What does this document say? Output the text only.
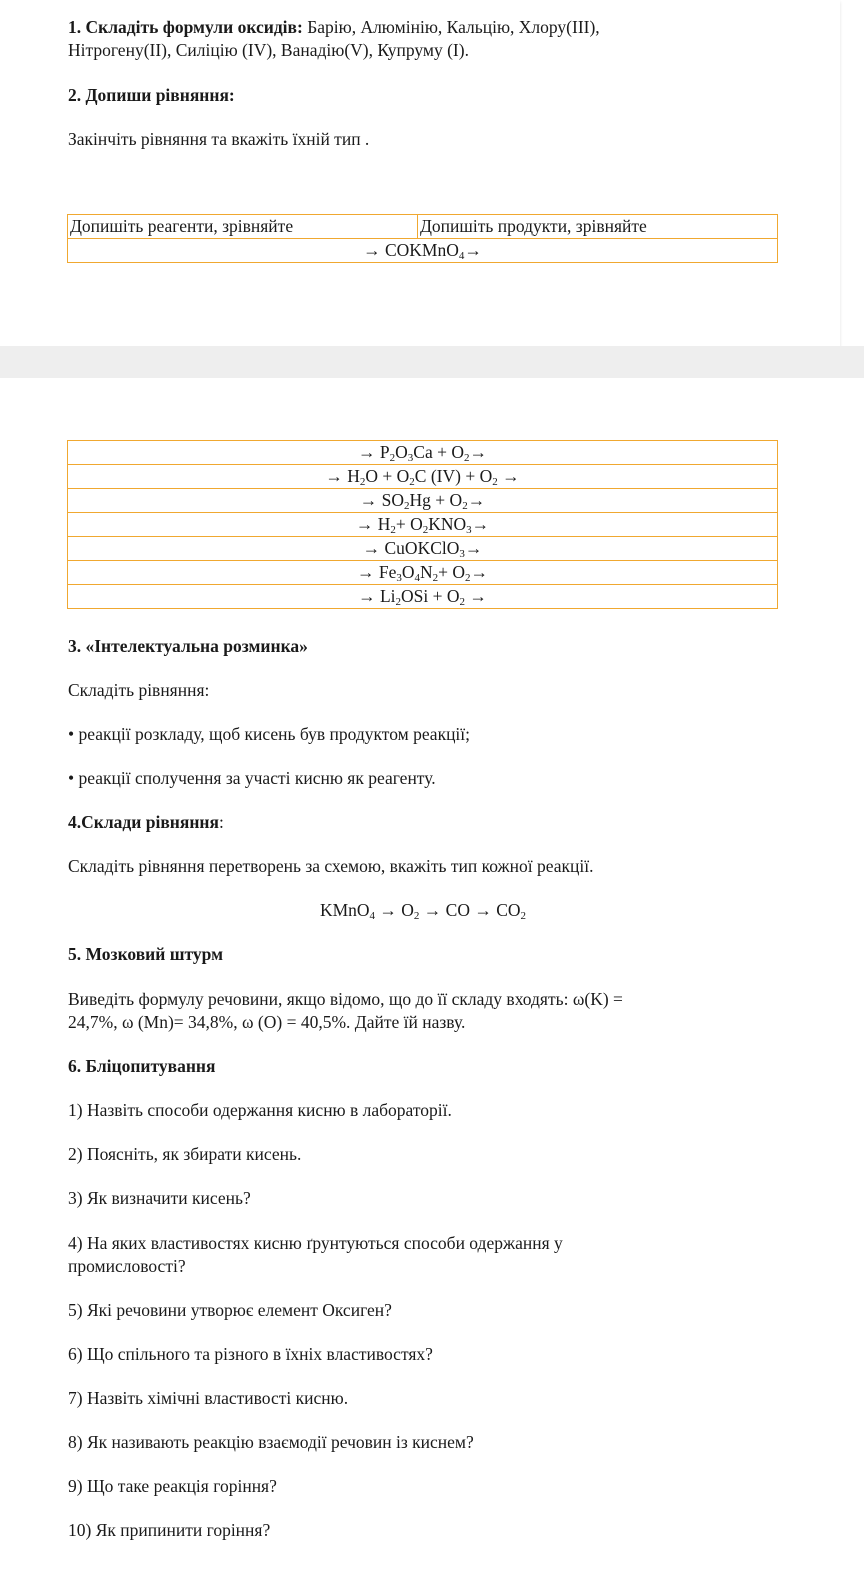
1. Складіть формули оксидів: Барію, Алюмінію, Кальцію, Хлору(III),
Нітрогену(II), Силіцію (IV), Ванадію(V), Купруму (I).
2. Допиши рівняння:
Закінчіть рівняння та вкажіть їхній тип .
Допишіть реагенти, зрівняйте	Допишіть продукти, зрівняйте
→ COKMnO$_4$→
→ $P_2O_3Ca + O_2\to$
→ $H_2O + O_2C$ $(IV) + O_2$ →
→ $SO_2Hg + O_2\to$
→ $H_2+ O_2KNO_3\to$
→ CuOKClO$_3$→
→ $Fe_3O_4N_2+ O_2\to$
→ $Li_2OSi + O_2$ →
3. «Інтелектуальна розминка»
Складіть рівняння:
• реакції розкладу, щоб кисень був продуктом реакції;
• реакції сполучення за участі кисню як реагенту.
4.Склади рівняння:
Складіть рівняння перетворень за схемою, вкажіть тип кожної реакції.
KMnO$_4$ → $O_2$ → CO → $CO_2$
5. Мозковий штурм
Виведіть формулу речовини, якщо відомо, що до її складу входять: ω(K) =
24,7%, ω (Mn)= 34,8%, ω (O) = 40,5%. Дайте їй назву.
6. Бліцопитування
1) Назвіть способи одержання кисню в лабораторії.
2) Поясніть, як збирати кисень.
3) Як визначити кисень?
4) На яких властивостях кисню ґрунтуються способи одержання у
промисловості?
5) Які речовини утворює елемент Оксиген?
6) Що спільного та різного в їхніх властивостях?
7) Назвіть хімічні властивості кисню.
8) Як називають реакцію взаємодії речовин із киснем?
9) Що таке реакція горіння?
10) Як припинити горіння?
